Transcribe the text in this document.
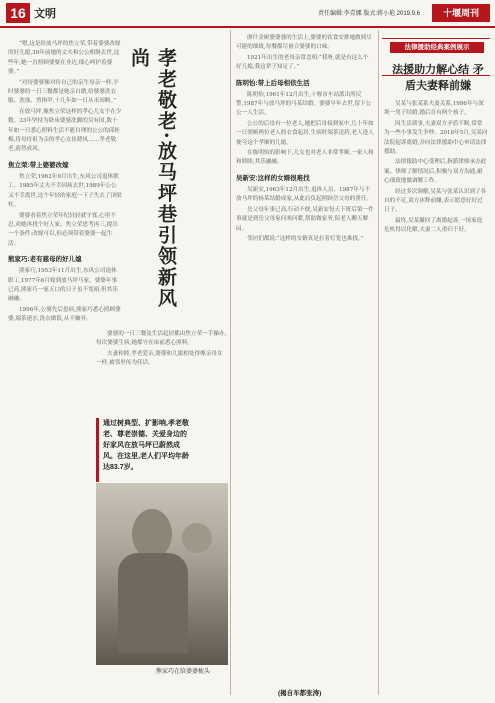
16 文明	责任编辑:李壹娜 版式:蒋小艳 2019.9.6	十堰周刊

“嗯,这是给放马坪的焦立荣,带着婆婆改嫁的好儿媳,30年前她的丈夫和公公相继去世,这些年,她一直照顾婆婆在身边,细心呵护着婆婆。”

“对待婆婆像对待自己的亲生母亲一样,平时婆婆的一日三餐都是她亲自做,给婆婆洗衣服、洗澡、剪指甲,十几年如一日从未间断。”

在放马坪,像焦立荣这样的孝心儿女不在少数。33年坚持为卧床婆婆洗脚的吴有国,数十年如一日悉心照料生活不能自理的公公的邱桂梅,将母待祖为亲的孝心女崔晓凤……孝老敬老,蔚然成风。

焦立荣:带上婆婆改嫁

焦立荣,1962年9月出生,东风公司退休职工。1985年丈夫不幸因病去世,1989年公公又不幸离世,这个年轻的家庭一下子失去了顶梁柱。

婆婆看着焦立荣年纪轻轻就守寡,心里不忍,劝她再找个好人家。焦立荣思考再三,提出一个条件:改嫁可以,但必须带着婆婆一起生活。

熊家巧:老有慈母的好儿媳

熊家巧,1953年11月出生,东风公司退休职工,1977年6月嫁到放马坪马家。婆婆年事已高,熊家巧一家五口的日子虽不宽裕,但其乐融融。

1996年,公婆先后患病,熊家巧悉心照顾婆婆,端茶递水,洗衣做饭,从不嫌弃。

孝老敬老·放马坪巷引领新风尚

婆婆的一日三餐及生活起居都由焦立荣一手操办,每次婆婆生病,她都守在床前悉心照料。

夫妻和睦,孝老爱亲,婆婆和儿媳相处得像亲母女一样,被邻里传为佳话。

通过树典型、扩影响,孝老敬老、尊老崇德、关爱身边的好家风在放马坪已蔚然成风。在这里,老人们平均年龄达83.7岁。
熊家巧在给婆婆梳头

廖什金顾婆婆婆的生活上,婆婆的饮食安排她做到尽可能的细致,每餐都尽量合婆婆的口味。

1921年出生的老母亲常念叨:“我呀,就是有这么个好儿媳,我这辈子知足了。”

陈明怡:带上后母相依生活

陈明怡,1961年12月出生,十堰市车站派出所民警,1987年与放马坪的马某结婚。婆婆早年去世,留下公公一人生活。

公公的后母有一位老人,她把后母接到家中,几十年如一日照顾两位老人的衣食起居,生病时端茶送药,老人逢人便夸这个孝顺的儿媳。

在陈明怡的影响下,儿女也对老人非常孝顺,一家人和和睦睦,其乐融融。

吴新安:这样的女婿很难找

吴新安,1963年12月出生,退休人员。1987年与不放马坪的杨某结婚成家,从此肩负起照顾岳父母的重任。

岳父母年事已高,行动不便,吴新安每天下班后第一件事就是到岳父母家问寒问暖,帮助做家务,陪老人聊天解闷。

邻居们都说:“这样的女婿真是打着灯笼也难找。”

(揭自车都张涛)
法律援助经典案例展示
法援助力解心结 矛盾夫妻释前嫌

吴某与张某系夫妻关系,1996年与深圳一男子结婚,婚后育有两个孩子。

因生活琐事,夫妻双方矛盾不断,常常为一些小事发生争吵。2018年5月,吴某向法院起诉离婚,并向法律援助中心申请法律援助。

法律援助中心受理后,指派律师承办此案。律师了解情况后,积极与双方沟通,耐心细致地做调解工作。

经过多次调解,吴某与张某认识到了各自的不足,双方冰释前嫌,表示愿意好好过日子。

最终,吴某撤回了离婚起诉,一场家庭危机得以化解,夫妻二人重归于好。
